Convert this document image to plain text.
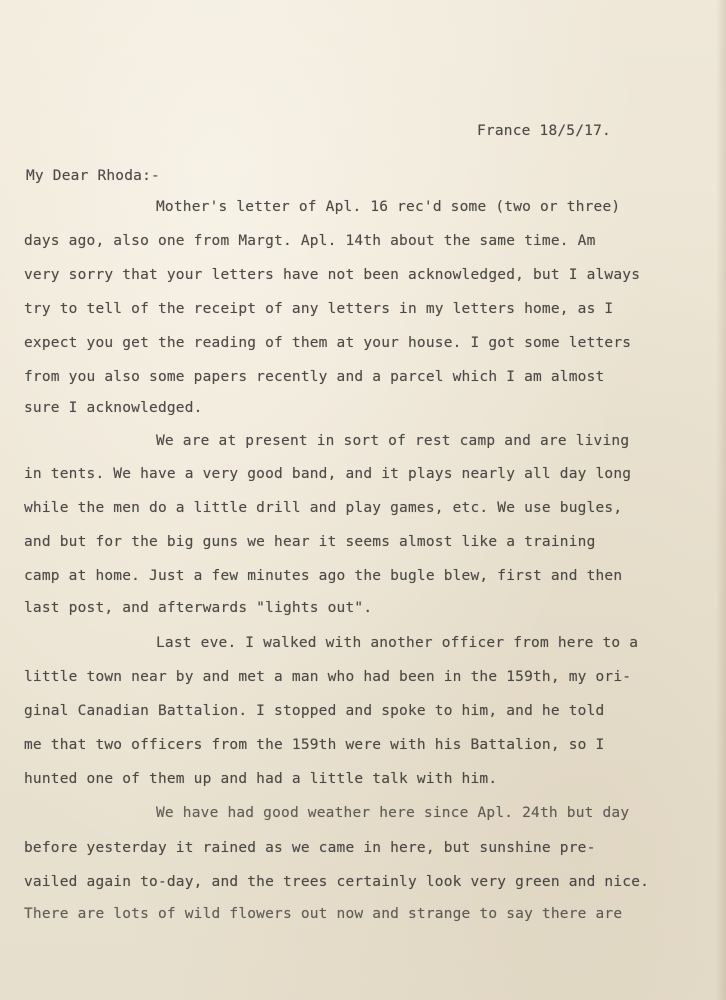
France 18/5/17.
My Dear Rhoda:-
Mother's letter of Apl. 16 rec'd some (two or three)
days ago, also one from Margt. Apl. 14th about the same time. Am
very sorry that your letters have not been acknowledged, but I always
try to tell of the receipt of any letters in my letters home, as I
expect you get the reading of them at your house. I got some letters
from you also some papers recently and a parcel which I am almost
sure I acknowledged.
We are at present in sort of rest camp and are living
in tents. We have a very good band, and it plays nearly all day long
while the men do a little drill and play games, etc. We use bugles,
and but for the big guns we hear it seems almost like a training
camp at home. Just a few minutes ago the bugle blew, first and then
last post, and afterwards "lights out".
Last eve. I walked with another officer from here to a
little town near by and met a man who had been in the 159th, my ori-
ginal Canadian Battalion. I stopped and spoke to him, and he told
me that two officers from the 159th were with his Battalion, so I
hunted one of them up and had a little talk with him.
We have had good weather here since Apl. 24th but day
before yesterday it rained as we came in here, but sunshine pre-
vailed again to-day, and the trees certainly look very green and nice.
There are lots of wild flowers out now and strange to say there are
